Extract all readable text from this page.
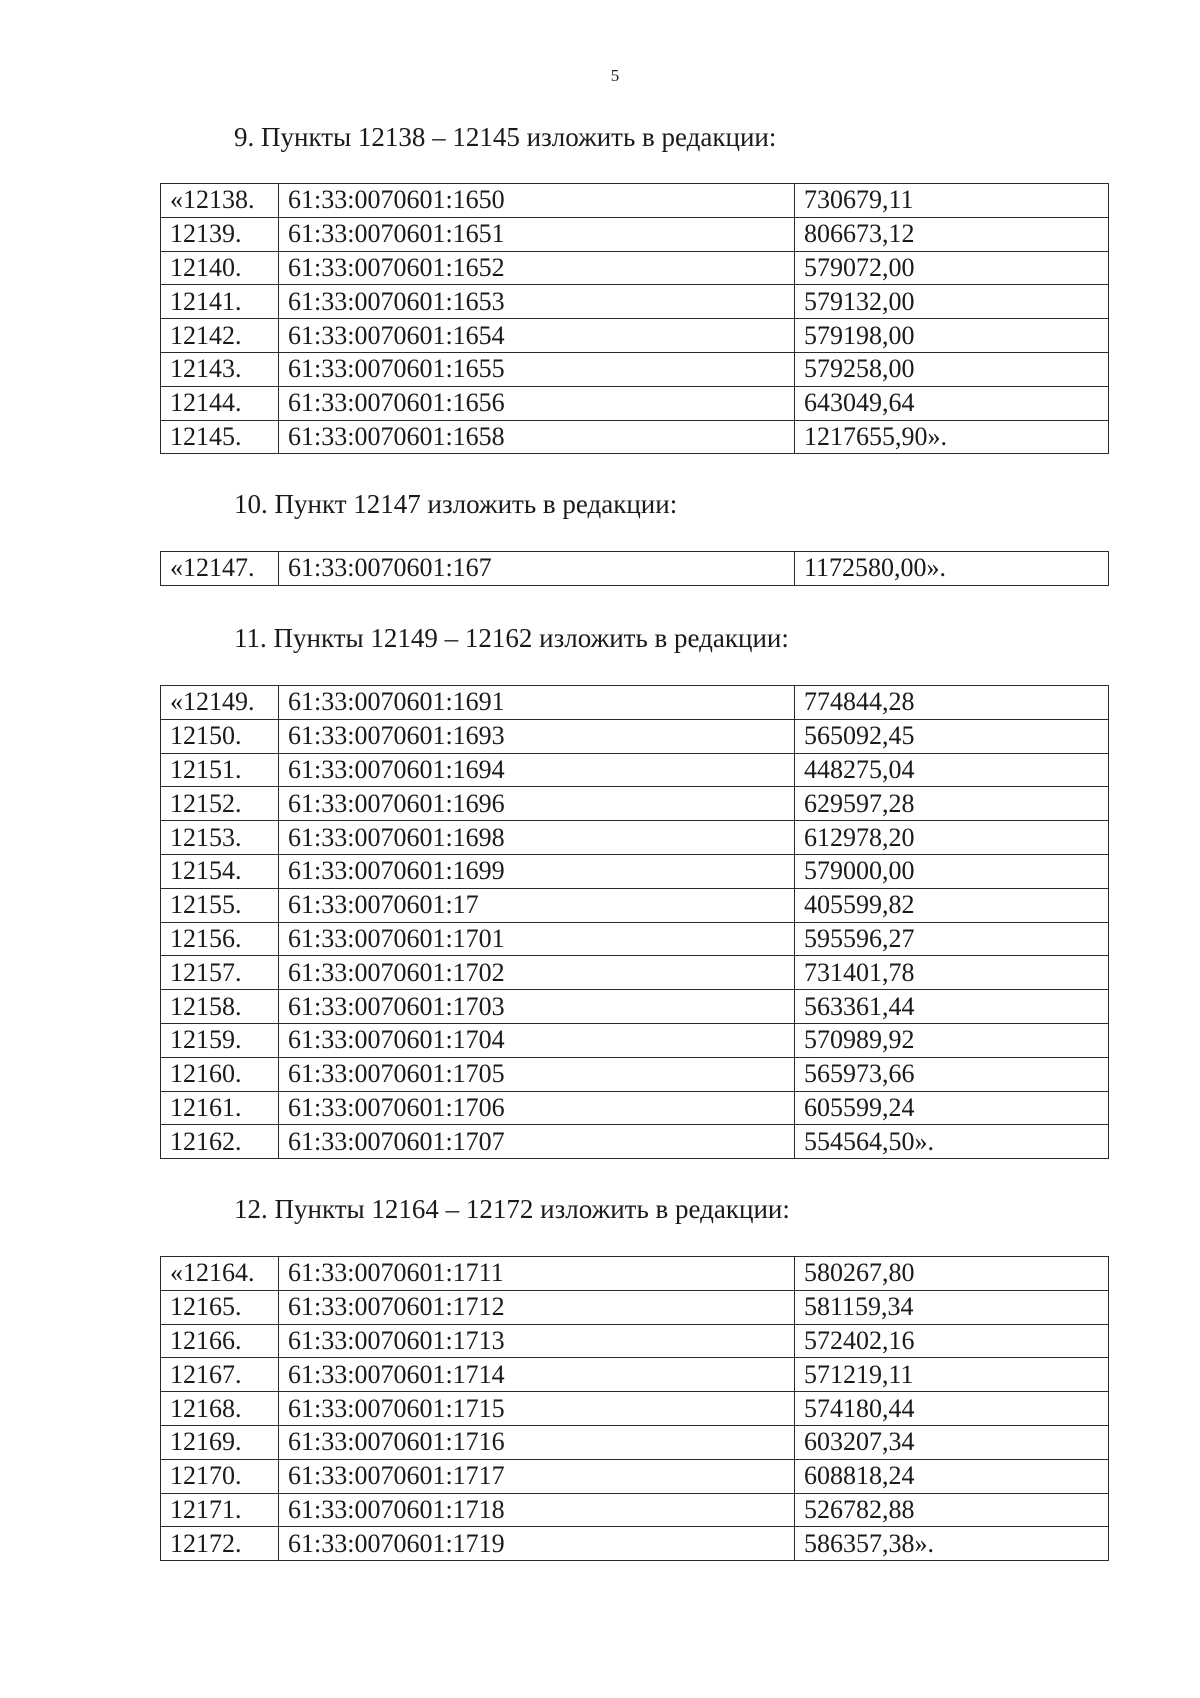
5

9. Пункты 12138 – 12145 изложить в редакции:

«12138.	61:33:0070601:1650	730679,11
12139.	61:33:0070601:1651	806673,12
12140.	61:33:0070601:1652	579072,00
12141.	61:33:0070601:1653	579132,00
12142.	61:33:0070601:1654	579198,00
12143.	61:33:0070601:1655	579258,00
12144.	61:33:0070601:1656	643049,64
12145.	61:33:0070601:1658	1217655,90».

10. Пункт 12147 изложить в редакции:

«12147.	61:33:0070601:167	1172580,00».

11. Пункты 12149 – 12162 изложить в редакции:

«12149.	61:33:0070601:1691	774844,28
12150.	61:33:0070601:1693	565092,45
12151.	61:33:0070601:1694	448275,04
12152.	61:33:0070601:1696	629597,28
12153.	61:33:0070601:1698	612978,20
12154.	61:33:0070601:1699	579000,00
12155.	61:33:0070601:17	405599,82
12156.	61:33:0070601:1701	595596,27
12157.	61:33:0070601:1702	731401,78
12158.	61:33:0070601:1703	563361,44
12159.	61:33:0070601:1704	570989,92
12160.	61:33:0070601:1705	565973,66
12161.	61:33:0070601:1706	605599,24
12162.	61:33:0070601:1707	554564,50».

12. Пункты 12164 – 12172 изложить в редакции:

«12164.	61:33:0070601:1711	580267,80
12165.	61:33:0070601:1712	581159,34
12166.	61:33:0070601:1713	572402,16
12167.	61:33:0070601:1714	571219,11
12168.	61:33:0070601:1715	574180,44
12169.	61:33:0070601:1716	603207,34
12170.	61:33:0070601:1717	608818,24
12171.	61:33:0070601:1718	526782,88
12172.	61:33:0070601:1719	586357,38».
